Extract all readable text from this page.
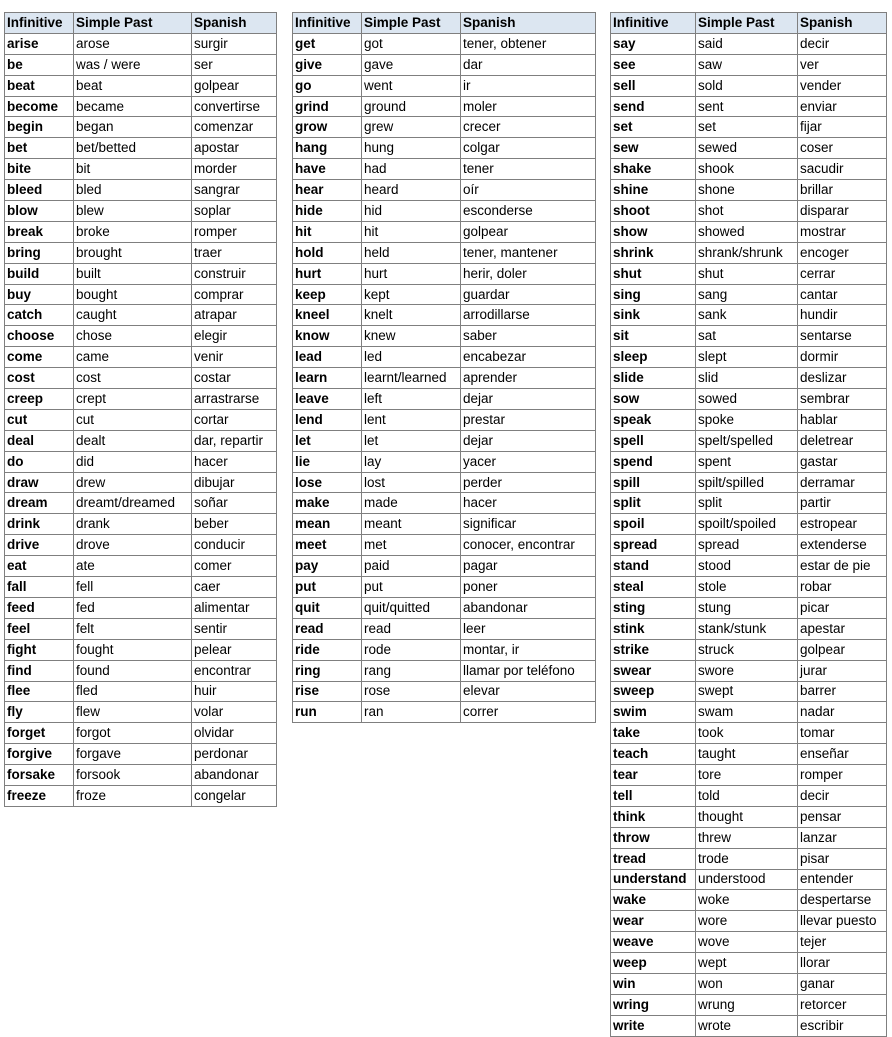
Infinitive	Simple Past	Spanish
arise	arose	surgir
be	was / were	ser
beat	beat	golpear
become	became	convertirse
begin	began	comenzar
bet	bet/betted	apostar
bite	bit	morder
bleed	bled	sangrar
blow	blew	soplar
break	broke	romper
bring	brought	traer
build	built	construir
buy	bought	comprar
catch	caught	atrapar
choose	chose	elegir
come	came	venir
cost	cost	costar
creep	crept	arrastrarse
cut	cut	cortar
deal	dealt	dar, repartir
do	did	hacer
draw	drew	dibujar
dream	dreamt/dreamed	soñar
drink	drank	beber
drive	drove	conducir
eat	ate	comer
fall	fell	caer
feed	fed	alimentar
feel	felt	sentir
fight	fought	pelear
find	found	encontrar
flee	fled	huir
fly	flew	volar
forget	forgot	olvidar
forgive	forgave	perdonar
forsake	forsook	abandonar
freeze	froze	congelar
Infinitive	Simple Past	Spanish
get	got	tener, obtener
give	gave	dar
go	went	ir
grind	ground	moler
grow	grew	crecer
hang	hung	colgar
have	had	tener
hear	heard	oír
hide	hid	esconderse
hit	hit	golpear
hold	held	tener, mantener
hurt	hurt	herir, doler
keep	kept	guardar
kneel	knelt	arrodillarse
know	knew	saber
lead	led	encabezar
learn	learnt/learned	aprender
leave	left	dejar
lend	lent	prestar
let	let	dejar
lie	lay	yacer
lose	lost	perder
make	made	hacer
mean	meant	significar
meet	met	conocer, encontrar
pay	paid	pagar
put	put	poner
quit	quit/quitted	abandonar
read	read	leer
ride	rode	montar, ir
ring	rang	llamar por teléfono
rise	rose	elevar
run	ran	correr
Infinitive	Simple Past	Spanish
say	said	decir
see	saw	ver
sell	sold	vender
send	sent	enviar
set	set	fijar
sew	sewed	coser
shake	shook	sacudir
shine	shone	brillar
shoot	shot	disparar
show	showed	mostrar
shrink	shrank/shrunk	encoger
shut	shut	cerrar
sing	sang	cantar
sink	sank	hundir
sit	sat	sentarse
sleep	slept	dormir
slide	slid	deslizar
sow	sowed	sembrar
speak	spoke	hablar
spell	spelt/spelled	deletrear
spend	spent	gastar
spill	spilt/spilled	derramar
split	split	partir
spoil	spoilt/spoiled	estropear
spread	spread	extenderse
stand	stood	estar de pie
steal	stole	robar
sting	stung	picar
stink	stank/stunk	apestar
strike	struck	golpear
swear	swore	jurar
sweep	swept	barrer
swim	swam	nadar
take	took	tomar
teach	taught	enseñar
tear	tore	romper
tell	told	decir
think	thought	pensar
throw	threw	lanzar
tread	trode	pisar
understand	understood	entender
wake	woke	despertarse
wear	wore	llevar puesto
weave	wove	tejer
weep	wept	llorar
win	won	ganar
wring	wrung	retorcer
write	wrote	escribir
